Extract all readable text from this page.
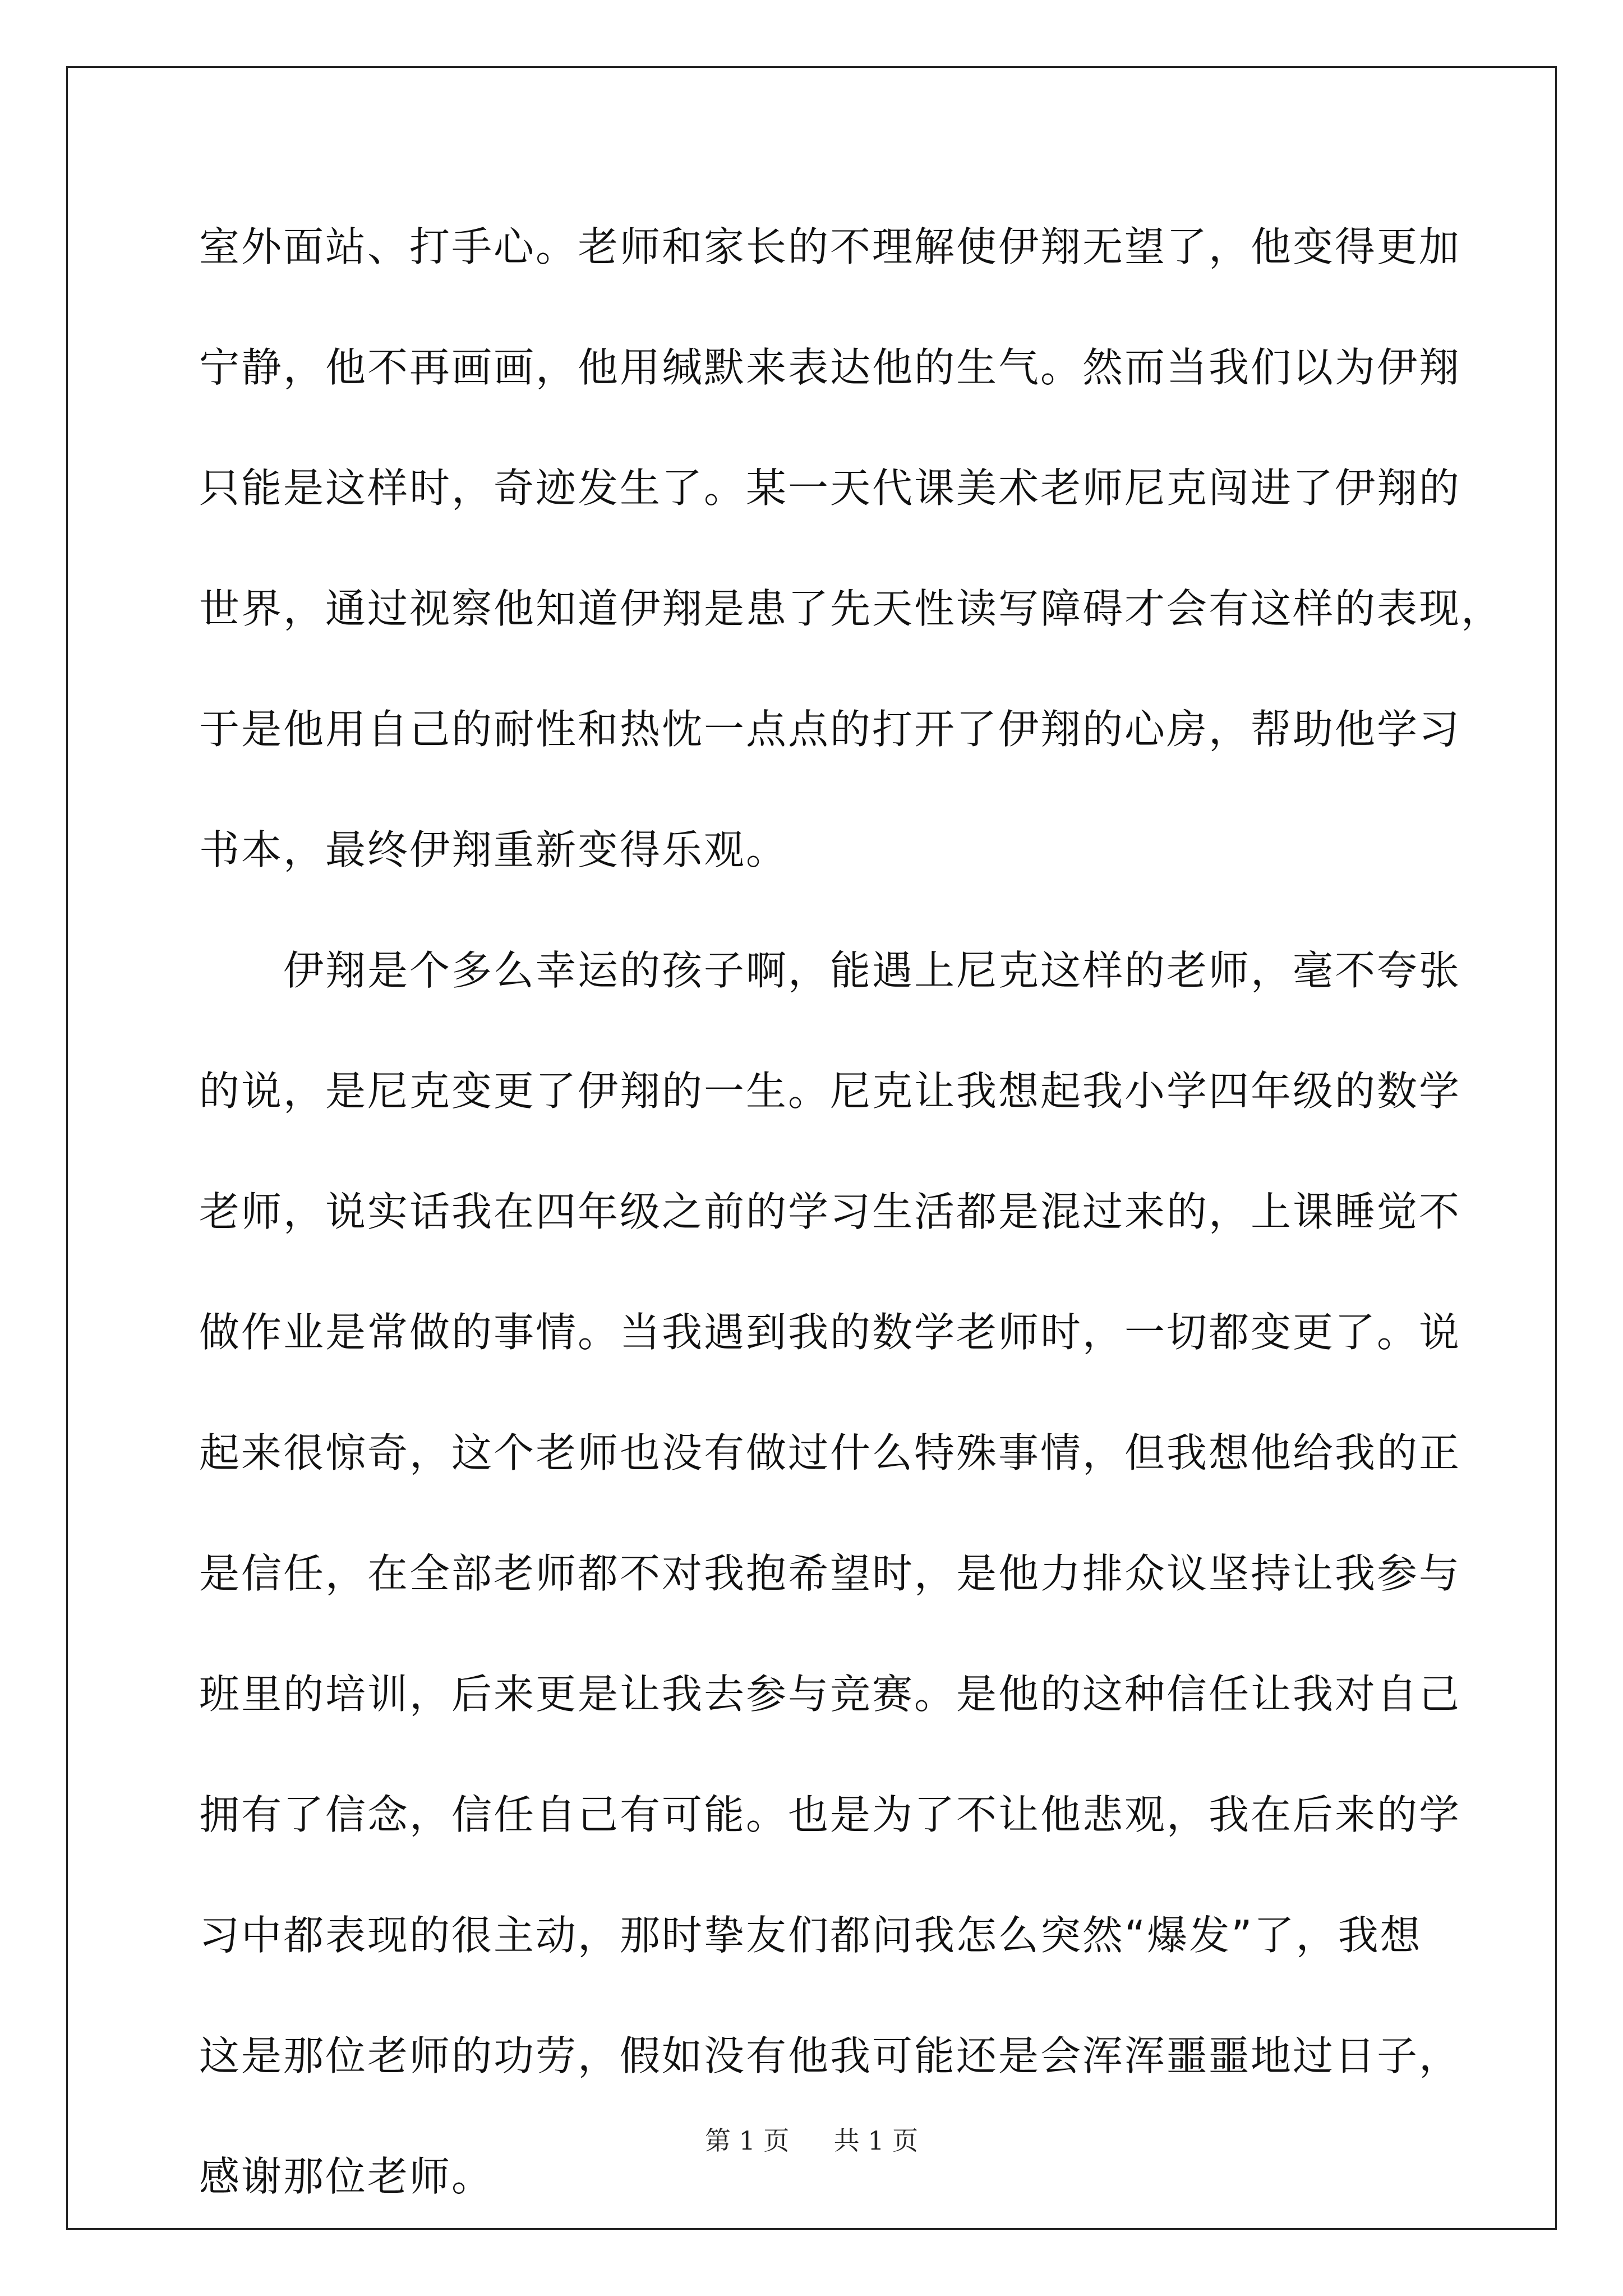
室外面站、打手心。老师和家长的不理解使伊翔无望了，他变得更加
宁静，他不再画画，他用缄默来表达他的生气。然而当我们以为伊翔
只能是这样时，奇迹发生了。某一天代课美术老师尼克闯进了伊翔的
世界，通过视察他知道伊翔是患了先天性读写障碍才会有这样的表现，
于是他用自己的耐性和热忱一点点的打开了伊翔的心房，帮助他学习
书本，最终伊翔重新变得乐观。
伊翔是个多么幸运的孩子啊，能遇上尼克这样的老师，毫不夸张
的说，是尼克变更了伊翔的一生。尼克让我想起我小学四年级的数学
老师，说实话我在四年级之前的学习生活都是混过来的，上课睡觉不
做作业是常做的事情。当我遇到我的数学老师时，一切都变更了。说
起来很惊奇，这个老师也没有做过什么特殊事情，但我想他给我的正
是信任，在全部老师都不对我抱希望时，是他力排众议坚持让我参与
班里的培训，后来更是让我去参与竞赛。是他的这种信任让我对自己
拥有了信念，信任自己有可能。也是为了不让他悲观，我在后来的学
习中都表现的很主动，那时挚友们都问我怎么突然“爆发”了，我想
这是那位老师的功劳，假如没有他我可能还是会浑浑噩噩地过日子，
感谢那位老师。
第 1 页 共 1 页
